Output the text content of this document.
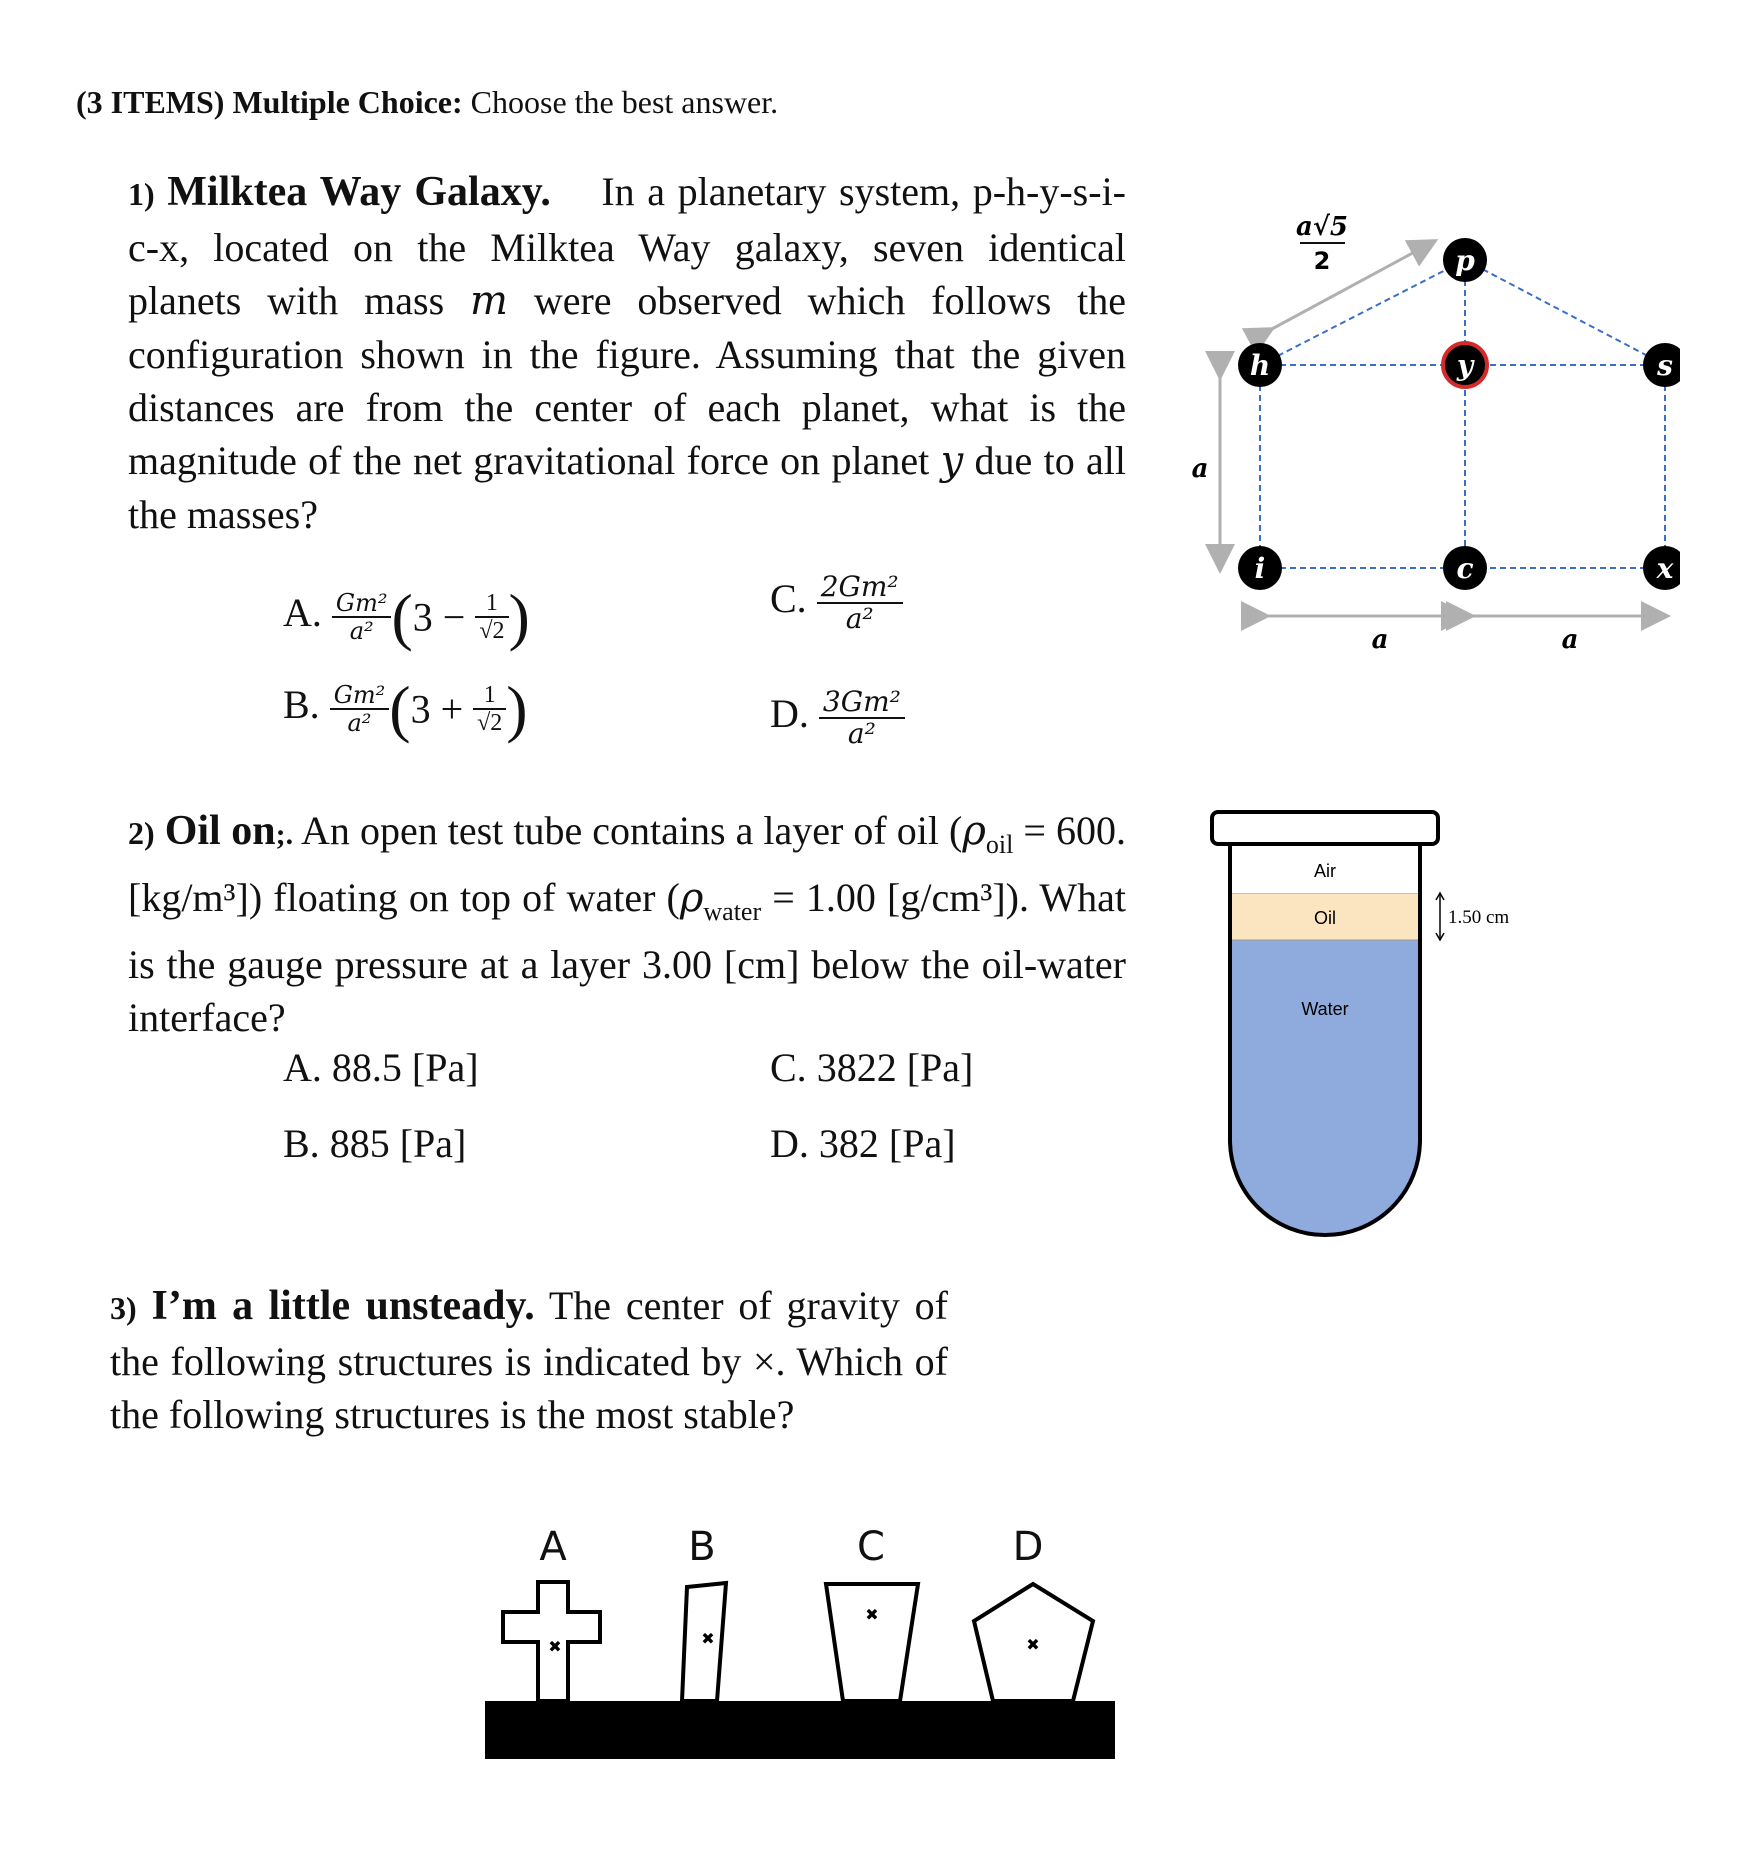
(3 ITEMS) Multiple Choice: Choose the best answer.
1) Milktea Way Galaxy. In a planetary system, p-h-y-s-i-c-x, located on the Milktea Way galaxy, seven identical planets with mass m were observed which follows the configuration shown in the figure. Assuming that the given distances are from the center of each planet, what is the magnitude of the net gravitational force on planet y due to all the masses?
A. $\frac{\text{Gm²}}{\text{a²}} (3 - \frac{1}{√2}$ )
B. $\frac{\text{Gm²}}{\text{a²}} (3 + \frac{1}{√2}$ )
C. $\frac{\text{2Gm²}}{\text{a²}}$
D. $\frac{\text{3Gm²}}{\text{a²}}$
a√5
2
a
a	a
p
h	y	s
i	c	x
2) Oil on;. An open test tube contains a layer of oil ($\rho_{oil} = 600$. [kg/m³]) floating on top of water ($\rho_{water} = 1.00$ [g/cm³]). What is the gauge pressure at a layer 3.00 [cm] below the oil-water interface?
A. 88.5 [Pa]
B. 885 [Pa]
C. 3822 [Pa]
D. 382 [Pa]
Air
Oil
Water
1.50 cm
3) I’m a little unsteady. The center of gravity of the following structures is indicated by ×. Which of the following structures is the most stable?
A	B	C	D
✖	✖
✖
✖
